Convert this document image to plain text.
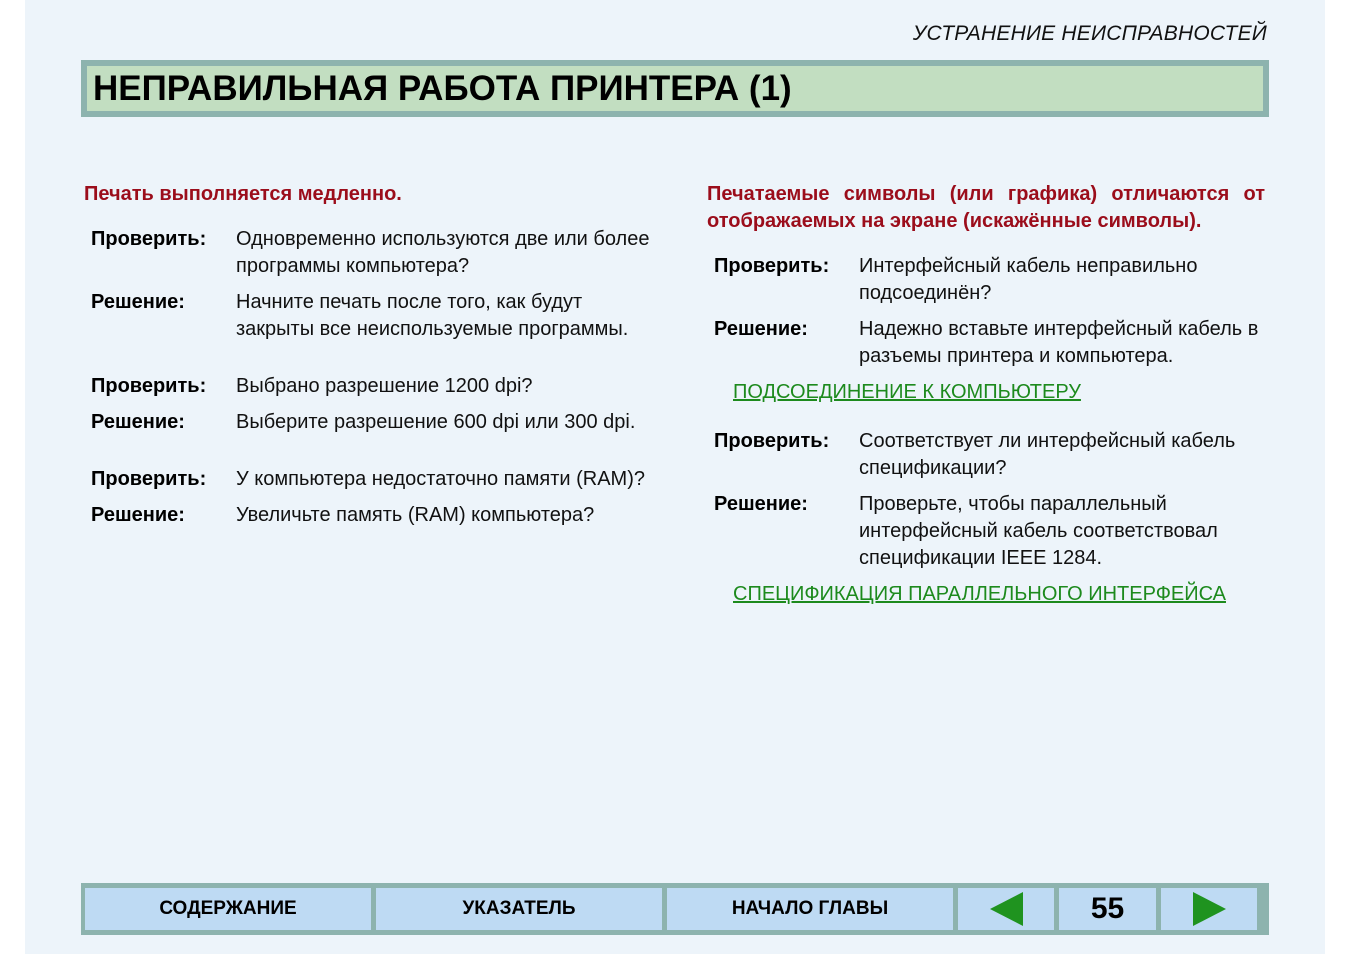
УСТРАНЕНИЕ НЕИСПРАВНОСТЕЙ
НЕПРАВИЛЬНАЯ РАБОТА ПРИНТЕРА (1)
Печать выполняется медленно.
Проверить:	Одновременно используются две или более программы компьютера?
Решение:	Начните печать после того, как будут закрыты все неиспользуемые программы.
Проверить:	Выбрано разрешение 1200 dpi?
Решение:	Выберите разрешение 600 dpi или 300 dpi.
Проверить:	У компьютера недостаточно памяти (RAM)?
Решение:	Увеличьте память (RAM) компьютера?
Печатаемые символы (или графика) отличаются от отображаемых на экране (искажённые символы).
Проверить:	Интерфейсный кабель неправильно подсоединён?
Решение:	Надежно вставьте интерфейсный кабель в разъемы принтера и компьютера.
ПОДСОЕДИНЕНИЕ К КОМПЬЮТЕРУ
Проверить:	Соответствует ли интерфейсный кабель спецификации?
Решение:	Проверьте, чтобы параллельный интерфейсный кабель соответствовал спецификации IEEE 1284.
СПЕЦИФИКАЦИЯ ПАРАЛЛЕЛЬНОГО ИНТЕРФЕЙСА
СОДЕРЖАНИЕ	УКАЗАТЕЛЬ	НАЧАЛО ГЛАВЫ	55
